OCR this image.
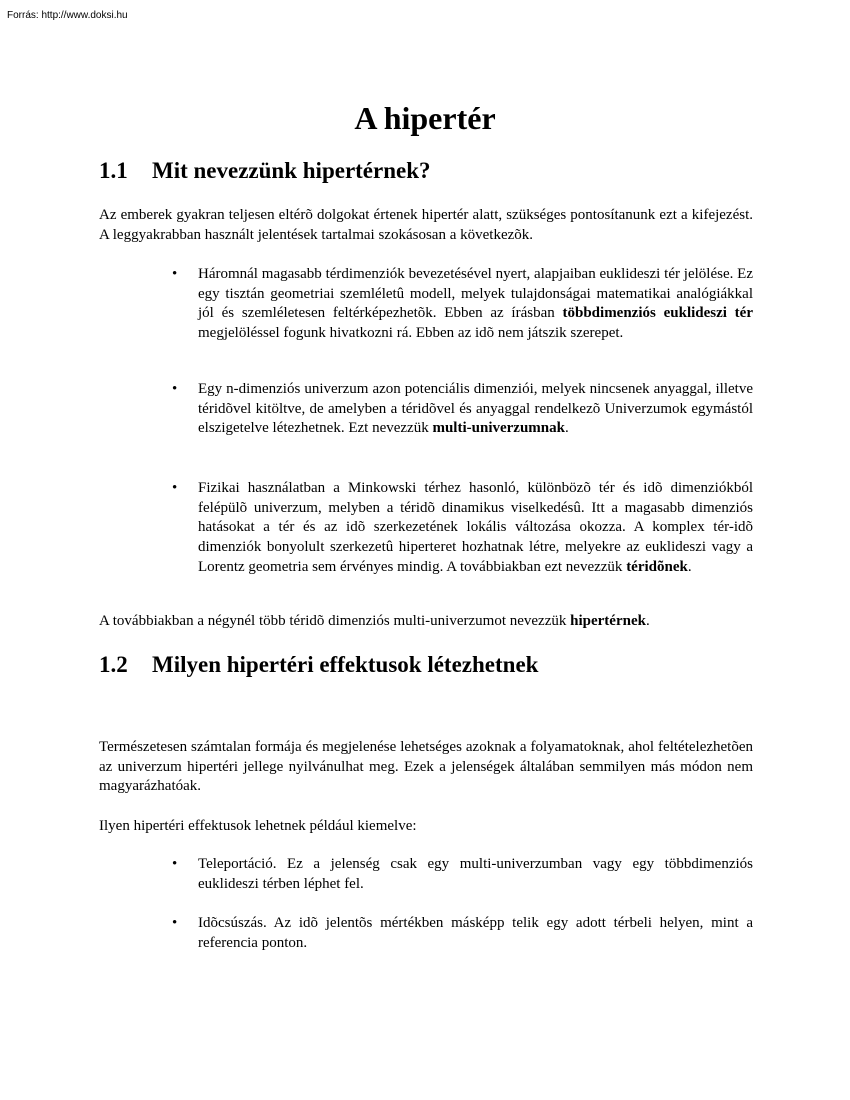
Forrás: http://www.doksi.hu
A hipertér
1.1 Mit nevezzünk hipertérnek?

Az emberek gyakran teljesen eltérõ dolgokat értenek hipertér alatt, szükséges pontosítanunk ezt a kifejezést. A leggyakrabban használt jelentések tartalmai szokásosan a következõk.

• Háromnál magasabb térdimenziók bevezetésével nyert, alapjaiban euklideszi tér jelölése. Ez egy tisztán geometriai szemléletû modell, melyek tulajdonságai matematikai analógiákkal jól és szemléletesen feltérképezhetõk. Ebben az írásban többdimenziós euklideszi tér megjelöléssel fogunk hivatkozni rá. Ebben az idõ nem játszik szerepet.

• Egy n-dimenziós univerzum azon potenciális dimenziói, melyek nincsenek anyaggal, illetve téridõvel kitöltve, de amelyben a téridõvel és anyaggal rendelkezõ Univerzumok egymástól elszigetelve létezhetnek. Ezt nevezzük multi-univerzumnak.

• Fizikai használatban a Minkowski térhez hasonló, különbözõ tér és idõ dimenziókból felépülõ univerzum, melyben a téridõ dinamikus viselkedésû. Itt a magasabb dimenziós hatásokat a tér és az idõ szerkezetének lokális változása okozza. A komplex tér-idõ dimenziók bonyolult szerkezetû hiperteret hozhatnak létre, melyekre az euklideszi vagy a Lorentz geometria sem érvényes mindig. A továbbiakban ezt nevezzük téridõnek.

A továbbiakban a négynél több téridõ dimenziós multi-univerzumot nevezzük hipertérnek.

1.2 Milyen hipertéri effektusok létezhetnek

Természetesen számtalan formája és megjelenése lehetséges azoknak a folyamatoknak, ahol feltételezhetõen az univerzum hipertéri jellege nyilvánulhat meg. Ezek a jelenségek általában semmilyen más módon nem magyarázhatóak.

Ilyen hipertéri effektusok lehetnek például kiemelve:

• Teleportáció. Ez a jelenség csak egy multi-univerzumban vagy egy többdimenziós euklideszi térben léphet fel.

• Idõcsúszás. Az idõ jelentõs mértékben másképp telik egy adott térbeli helyen, mint a referencia ponton.
